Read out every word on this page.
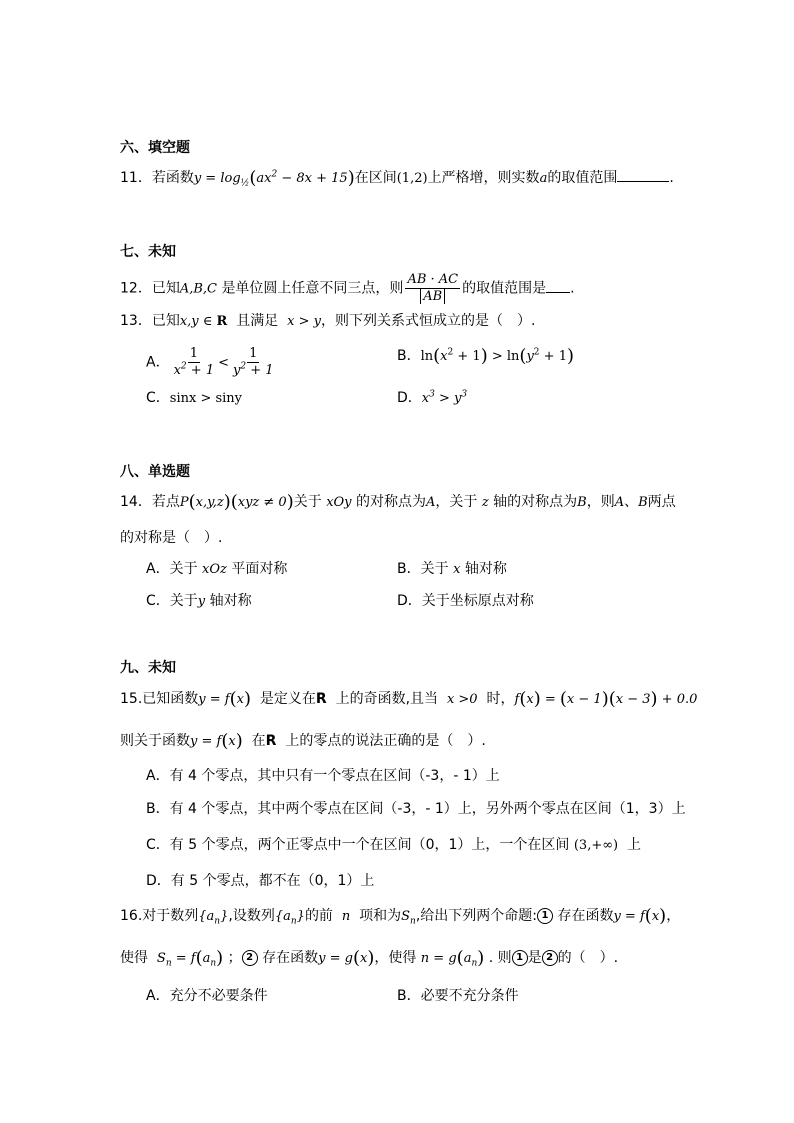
六、填空题
11．若函数$y = \log_{\frac{1}{2}}(ax^2 - 8x + 15)$在区间(1,2)上严格增，则实数a的取值范围	.
七、未知
12．已知A,B,C 是单位圆上任意不同三点，则 $\frac{AB \cdot AC}{AB}$ 的取值范围是 .
13．已知x,y ∈ R 且满足 x > y，则下列关系式恒成立的是（　）.
A． $\frac{1}{x^2 + 1} < \frac{1}{y^2 + 1}$	B．$\ln(x^2 + 1) > \ln(y^2 + 1)$
C．sinx > siny	D．$x^3 > y^3$
八、单选题
14．若点P(x,y,z)(xyz ≠ 0)关于 xOy 的对称点为A，关于 z 轴的对称点为B，则A、B两点
的对称是（　）.
A．关于 xOz 平面对称	B．关于 x 轴对称
C．关于y 轴对称	D．关于坐标原点对称
九、未知
15.已知函数y = f(x) 是定义在R 上的奇函数,且当 x >0 时，f(x) = (x − 1)(x − 3) + 0.0
则关于函数y = f(x) 在R 上的零点的说法正确的是（　）.
A．有 4 个零点，其中只有一个零点在区间（-3，- 1）上
B．有 4 个零点，其中两个零点在区间（-3，- 1）上，另外两个零点在区间（1，3）上
C．有 5 个零点，两个正零点中一个在区间（0，1）上，一个在区间 (3,+∞) 上
D．有 5 个零点，都不在（0，1）上
16.对于数列$\{a_n\}$,设数列$\{a_n\}$的前 n 项和为$S_n$,给出下列两个命题: 1 存在函数y = f(x)，
使得 $S_n = f(a_n)$ ； 2 存在函数y = g(x)，使得 $n = g(a_n)$ . 则 1 是 2 的（　）.
A．充分不必要条件	B．必要不充分条件
